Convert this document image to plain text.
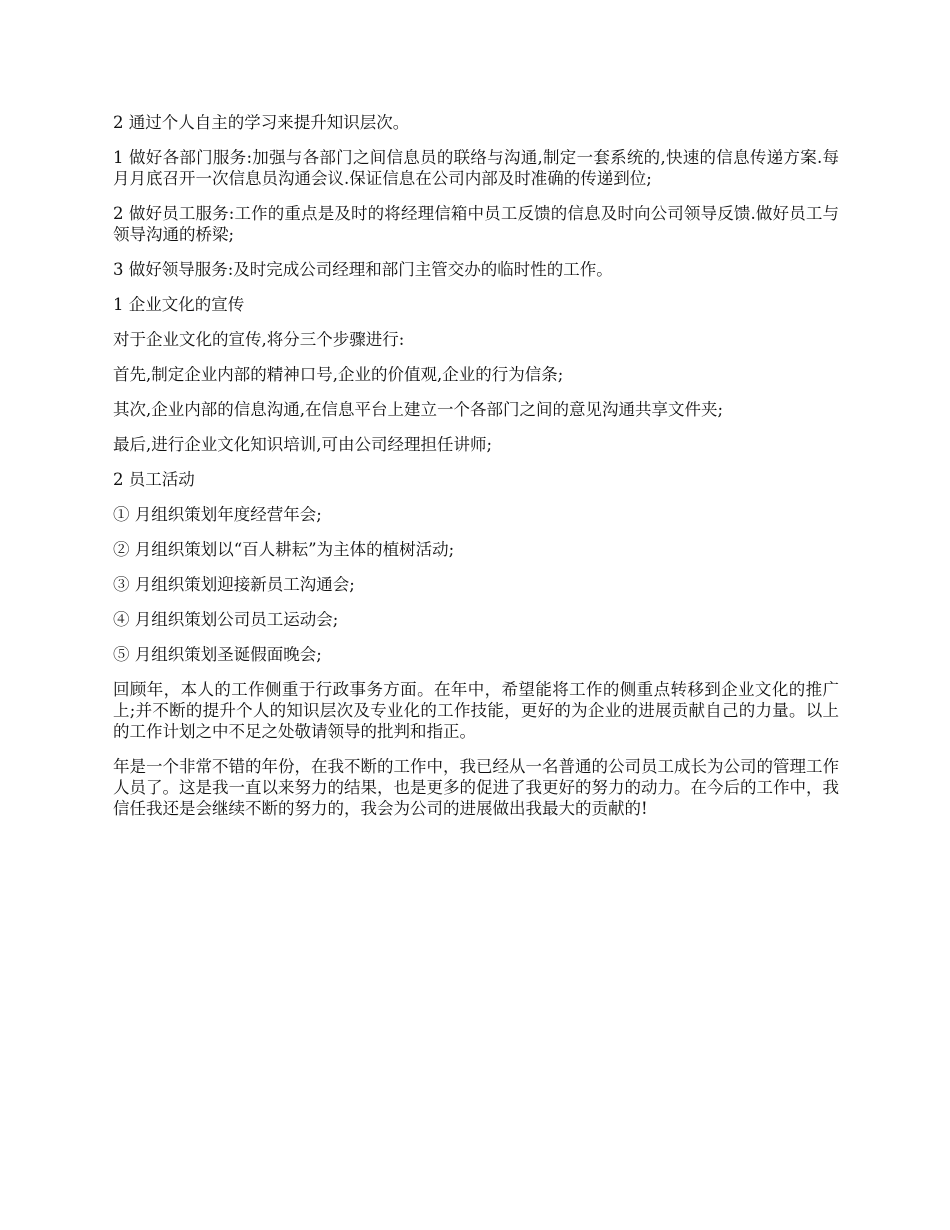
2 通过个人自主的学习来提升知识层次。

1 做好各部门服务:加强与各部门之间信息员的联络与沟通,制定一套系统的,快速的信息传递方案.每月月底召开一次信息员沟通会议.保证信息在公司内部及时准确的传递到位;

2 做好员工服务:工作的重点是及时的将经理信箱中员工反馈的信息及时向公司领导反馈.做好员工与领导沟通的桥梁;

3 做好领导服务:及时完成公司经理和部门主管交办的临时性的工作。

1 企业文化的宣传

对于企业文化的宣传,将分三个步骤进行:

首先,制定企业内部的精神口号,企业的价值观,企业的行为信条;

其次,企业内部的信息沟通,在信息平台上建立一个各部门之间的意见沟通共享文件夹;

最后,进行企业文化知识培训,可由公司经理担任讲师;

2 员工活动

① 月组织策划年度经营年会;

② 月组织策划以“百人耕耘”为主体的植树活动;

③ 月组织策划迎接新员工沟通会;

④ 月组织策划公司员工运动会;

⑤ 月组织策划圣诞假面晚会;

回顾年，本人的工作侧重于行政事务方面。在年中，希望能将工作的侧重点转移到企业文化的推广上;并不断的提升个人的知识层次及专业化的工作技能，更好的为企业的进展贡献自己的力量。以上的工作计划之中不足之处敬请领导的批判和指正。

年是一个非常不错的年份，在我不断的工作中，我已经从一名普通的公司员工成长为公司的管理工作人员了。这是我一直以来努力的结果，也是更多的促进了我更好的努力的动力。在今后的工作中，我信任我还是会继续不断的努力的，我会为公司的进展做出我最大的贡献的!
